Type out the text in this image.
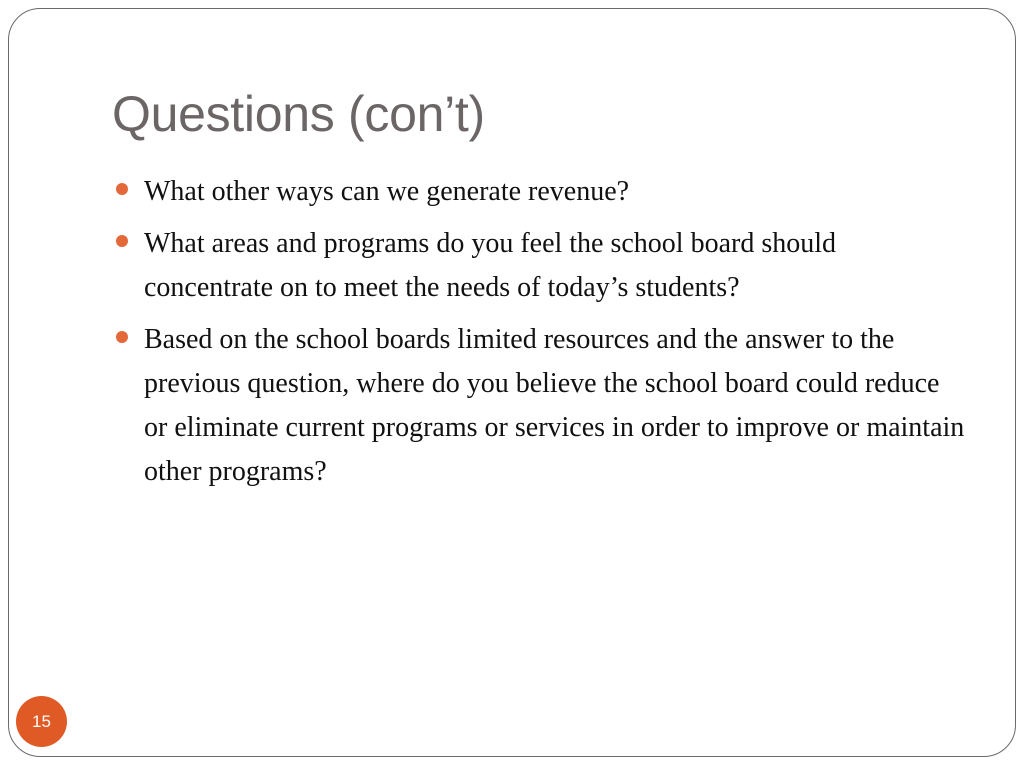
Questions (con’t)
What other ways can we generate revenue?
What areas and programs do you feel the school board should concentrate on to meet the needs of today’s students?
Based on the school boards limited resources and the answer to the previous question, where do you believe the school board could reduce or eliminate current programs or services in order to improve or maintain other programs?
15
